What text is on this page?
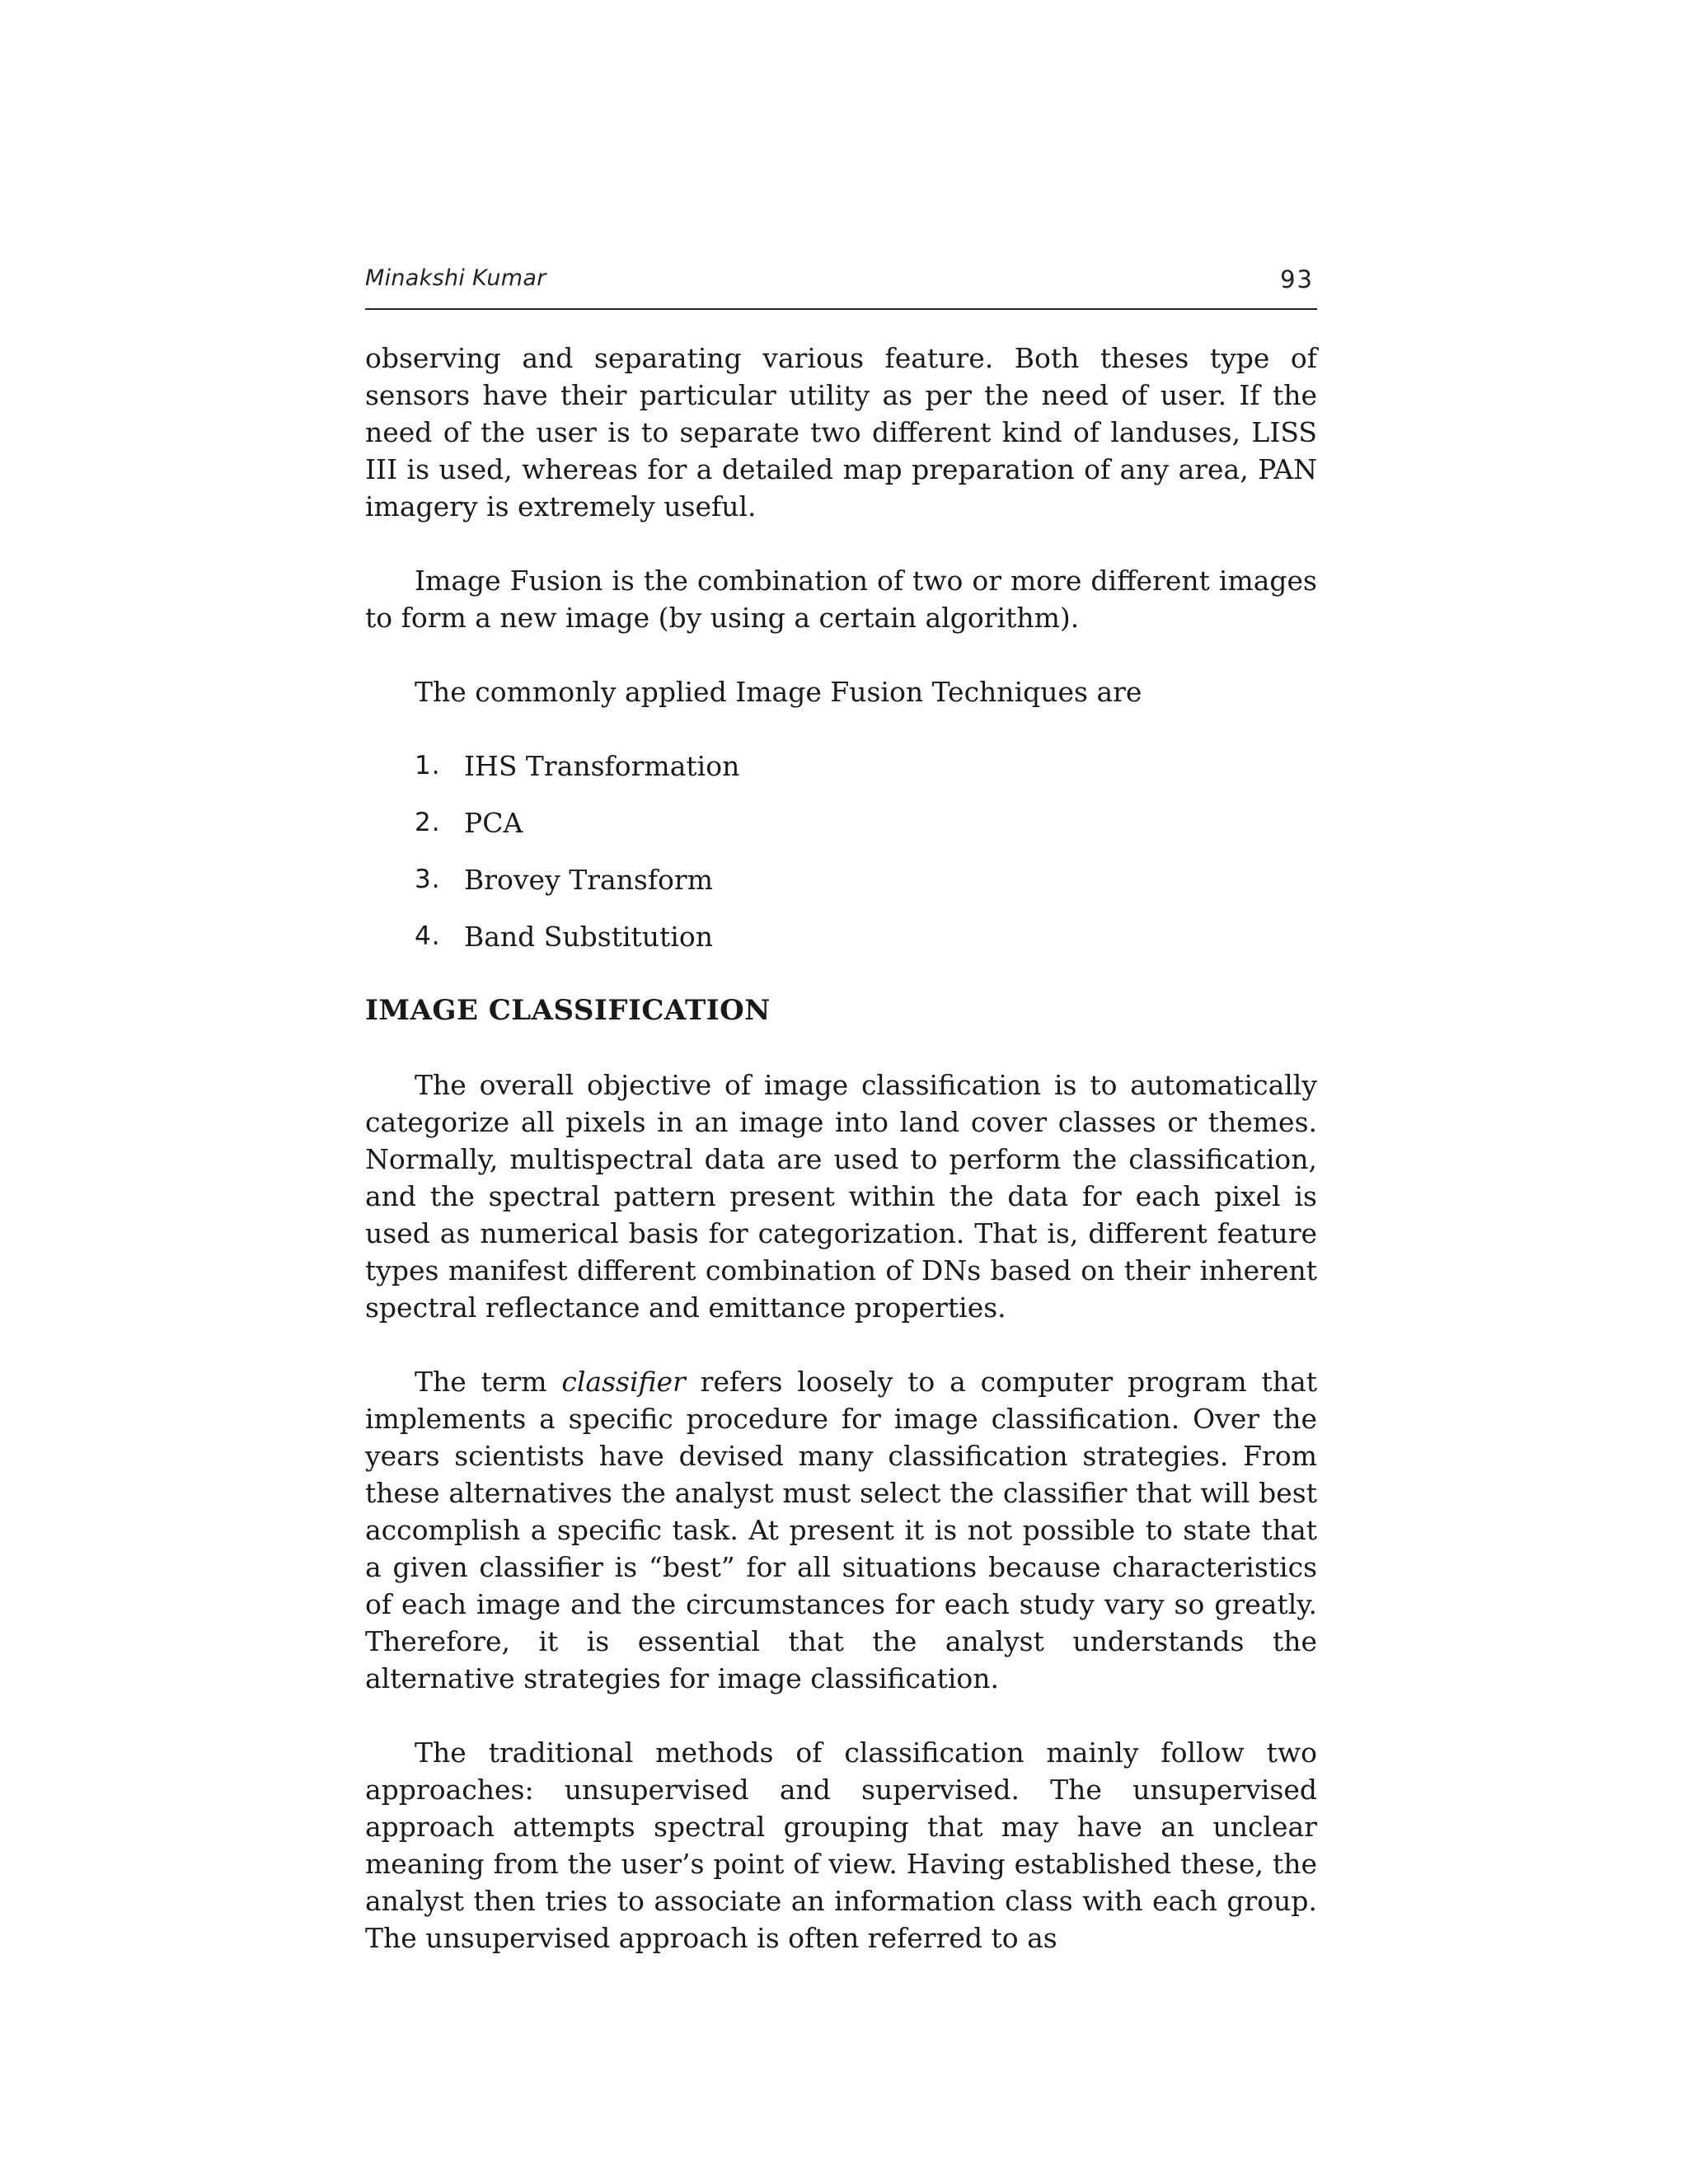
Minakshi Kumar	93

observing and separating various feature. Both theses type of sensors have their particular utility as per the need of user. If the need of the user is to separate two different kind of landuses, LISS III is used, whereas for a detailed map preparation of any area, PAN imagery is extremely useful.

Image Fusion is the combination of two or more different images to form a new image (by using a certain algorithm).

The commonly applied Image Fusion Techniques are

1. IHS Transformation
2. PCA
3. Brovey Transform
4. Band Substitution
IMAGE CLASSIFICATION

The overall objective of image classification is to automatically categorize all pixels in an image into land cover classes or themes. Normally, multispectral data are used to perform the classification, and the spectral pattern present within the data for each pixel is used as numerical basis for categorization. That is, different feature types manifest different combination of DNs based on their inherent spectral reflectance and emittance properties.

The term classifier refers loosely to a computer program that implements a specific procedure for image classification. Over the years scientists have devised many classification strategies. From these alternatives the analyst must select the classifier that will best accomplish a specific task. At present it is not possible to state that a given classifier is “best” for all situations because characteristics of each image and the circumstances for each study vary so greatly. Therefore, it is essential that the analyst understands the alternative strategies for image classification.

The traditional methods of classification mainly follow two approaches: unsupervised and supervised. The unsupervised approach attempts spectral grouping that may have an unclear meaning from the user’s point of view. Having established these, the analyst then tries to associate an information class with each group. The unsupervised approach is often referred to as
